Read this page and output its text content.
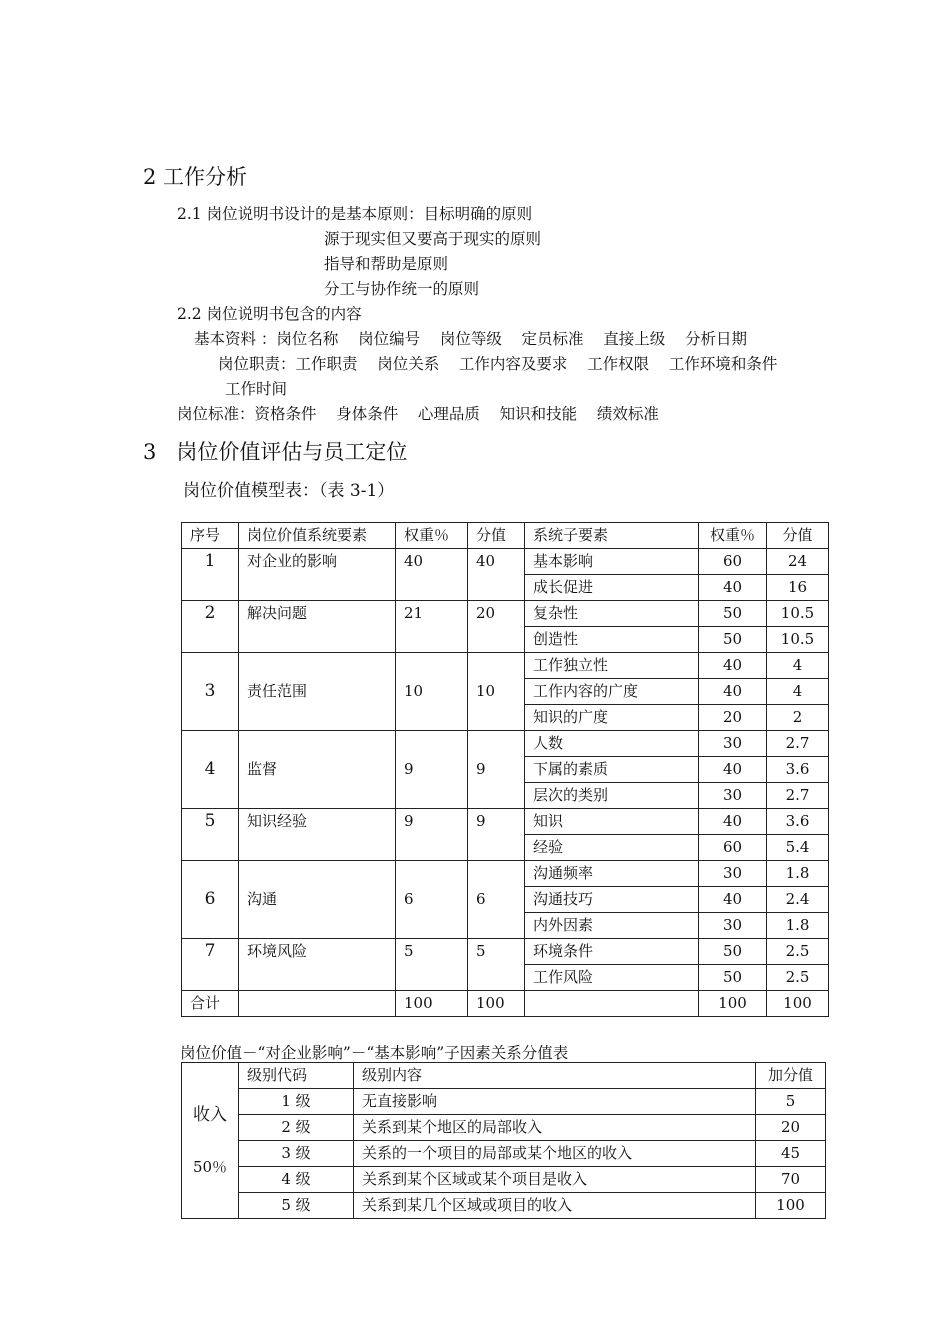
2 工作分析
2.1 岗位说明书设计的是基本原则：目标明确的原则
源于现实但又要高于现实的原则
指导和帮助是原则
分工与协作统一的原则
2.2 岗位说明书包含的内容
基本资料 ：岗位名称    岗位编号    岗位等级    定员标准    直接上级    分析日期
岗位职责：工作职责    岗位关系    工作内容及要求    工作权限    工作环境和条件
工作时间
岗位标准：资格条件    身体条件    心理品质    知识和技能    绩效标准
3   岗位价值评估与员工定位
岗位价值模型表：（表 3-1）
序号	岗位价值系统要素	权重％	分值	系统子要素	权重％	分值
1	对企业的影响	40	40	基本影响	60	24
				成长促进	40	16
2	解决问题	21	20	复杂性	50	10.5
				创造性	50	10.5
3	责任范围	10	10	工作独立性	40	4
				工作内容的广度	40	4
				知识的广度	20	2
4	监督	9	9	人数	30	2.7
				下属的素质	40	3.6
				层次的类别	30	2.7
5	知识经验	9	9	知识	40	3.6
				经验	60	5.4
6	沟通	6	6	沟通频率	30	1.8
				沟通技巧	40	2.4
				内外因素	30	1.8
7	环境风险	5	5	环境条件	50	2.5
				工作风险	50	2.5
合计		100	100		100	100
岗位价值－“对企业影响”－“基本影响”子因素关系分值表
收入

50％	级别代码	级别内容	加分值
	1 级	无直接影响	5
	2 级	关系到某个地区的局部收入	20
	3 级	关系的一个项目的局部或某个地区的收入	45
	4 级	关系到某个区域或某个项目是收入	70
	5 级	关系到某几个区域或项目的收入	100
